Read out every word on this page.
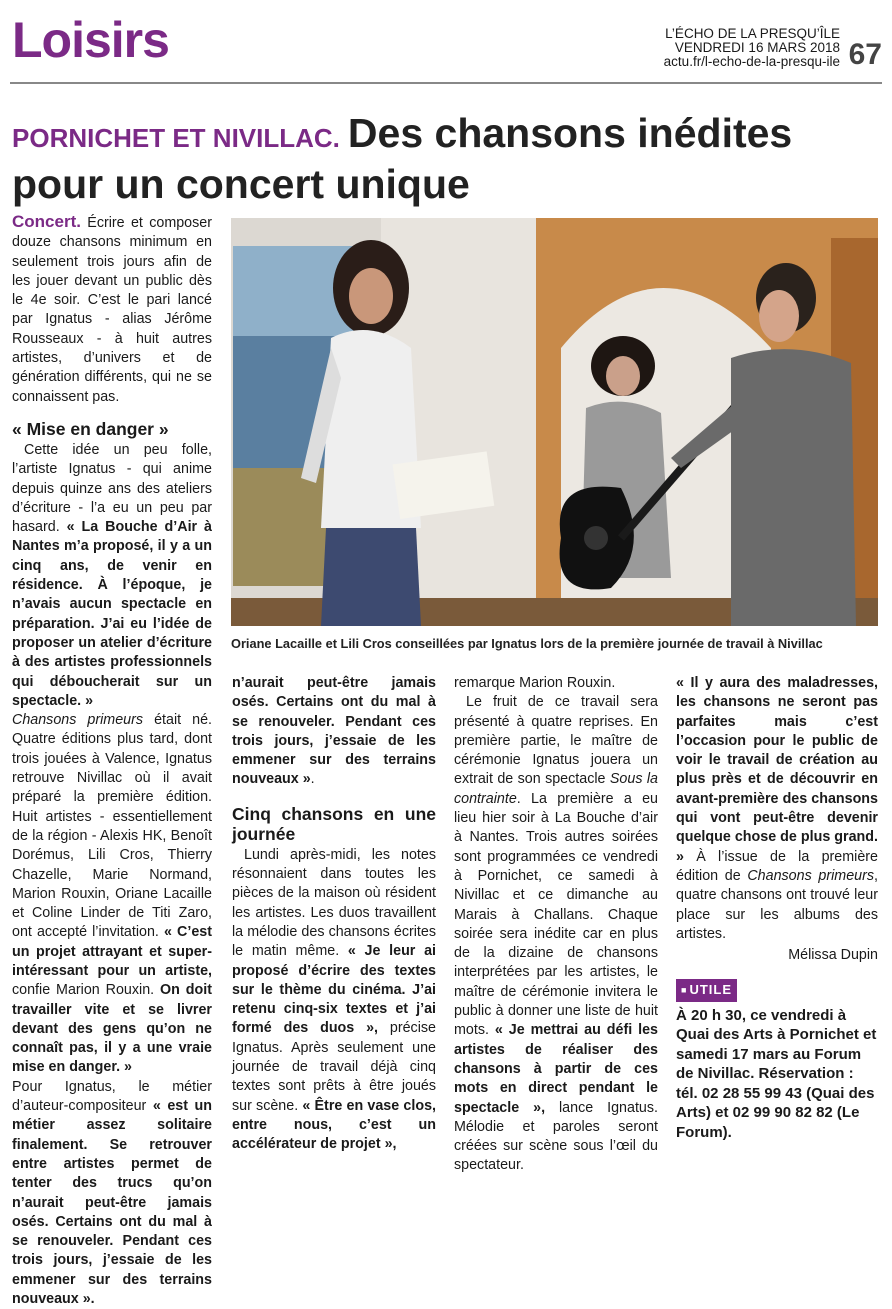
Loisirs	L’ÉCHO DE LA PRESQU’ÎLE
VENDREDI 16 MARS 2018
actu.fr/l-echo-de-la-presqu-ile 67
PORNICHET ET NIVILLAC. Des chansons inédites pour un concert unique

Concert. Écrire et composer douze chansons minimum en seulement trois jours afin de les jouer devant un public dès le 4e soir. C’est le pari lancé par Ignatus - alias Jérôme Rousseaux - à huit autres artistes, d’univers et de génération différents, qui ne se connaissent pas.

« Mise en danger »

Cette idée un peu folle, l’artiste Ignatus - qui anime depuis quinze ans des ateliers d’écriture - l’a eu un peu par hasard. « La Bouche d’Air à Nantes m’a proposé, il y a un cinq ans, de venir en résidence. À l’époque, je n’avais aucun spectacle en préparation. J’ai eu l’idée de proposer un atelier d’écriture à des artistes professionnels qui déboucherait sur un spectacle. »

Chansons primeurs était né. Quatre éditions plus tard, dont trois jouées à Valence, Ignatus retrouve Nivillac où il avait préparé la première édition. Huit artistes - essentiellement de la région - Alexis HK, Benoît Dorémus, Lili Cros, Thierry Chazelle, Marie Normand, Marion Rouxin, Oriane Lacaille et Coline Linder de Titi Zaro, ont accepté l’invitation. « C’est un projet attrayant et super-intéressant pour un artiste, confie Marion Rouxin. On doit travailler vite et se livrer devant des gens qu’on ne connaît pas, il y a une vraie mise en danger. »

Pour Ignatus, le métier d’auteur-compositeur « est un métier assez solitaire finalement. Se retrouver entre artistes permet de tenter des trucs qu’on n’aurait peut-être jamais osés. Certains ont du mal à se renouveler. Pendant ces trois jours, j’essaie de les emmener sur des terrains nouveaux ».

Oriane Lacaille et Lili Cros conseillées par Ignatus lors de la première journée de travail à Nivillac
n’aurait peut-être jamais osés. Certains ont du mal à se renouveler. Pendant ces trois jours, j’essaie de les emmener sur des terrains nouveaux ».
Cinq chansons en une journée

Lundi après-midi, les notes résonnaient dans toutes les pièces de la maison où résident les artistes. Les duos travaillent la mélodie des chansons écrites le matin même. « Je leur ai proposé d’écrire des textes sur le thème du cinéma. J’ai retenu cinq-six textes et j’ai formé des duos », précise Ignatus. Après seulement une journée de travail déjà cinq textes sont prêts à être joués sur scène. « Être en vase clos, entre nous, c’est un accélérateur de projet »,

remarque Marion Rouxin.

Le fruit de ce travail sera présenté à quatre reprises. En première partie, le maître de cérémonie Ignatus jouera un extrait de son spectacle Sous la contrainte. La première a eu lieu hier soir à La Bouche d’air à Nantes. Trois autres soirées sont programmées ce vendredi à Pornichet, ce samedi à Nivillac et ce dimanche au Marais à Challans. Chaque soirée sera inédite car en plus de la dizaine de chansons interprétées par les artistes, le maître de cérémonie invitera le public à donner une liste de huit mots. « Je mettrai au défi les artistes de réaliser des chansons à partir de ces mots en direct pendant le spectacle », lance Ignatus. Mélodie et paroles seront créées sur scène sous l’œil du spectateur.

« Il y aura des maladresses, les chansons ne seront pas parfaites mais c’est l’occasion pour le public de voir le travail de création au plus près et de découvrir en avant-première des chansons qui vont peut-être devenir quelque chose de plus grand. » À l’issue de la première édition de Chansons primeurs, quatre chansons ont trouvé leur place sur les albums des artistes.

Mélissa Dupin
■ UTILE
À 20 h 30, ce vendredi à Quai des Arts à Pornichet et samedi 17 mars au Forum de Nivillac. Réservation : tél. 02 28 55 99 43 (Quai des Arts) et 02 99 90 82 82 (Le Forum).
